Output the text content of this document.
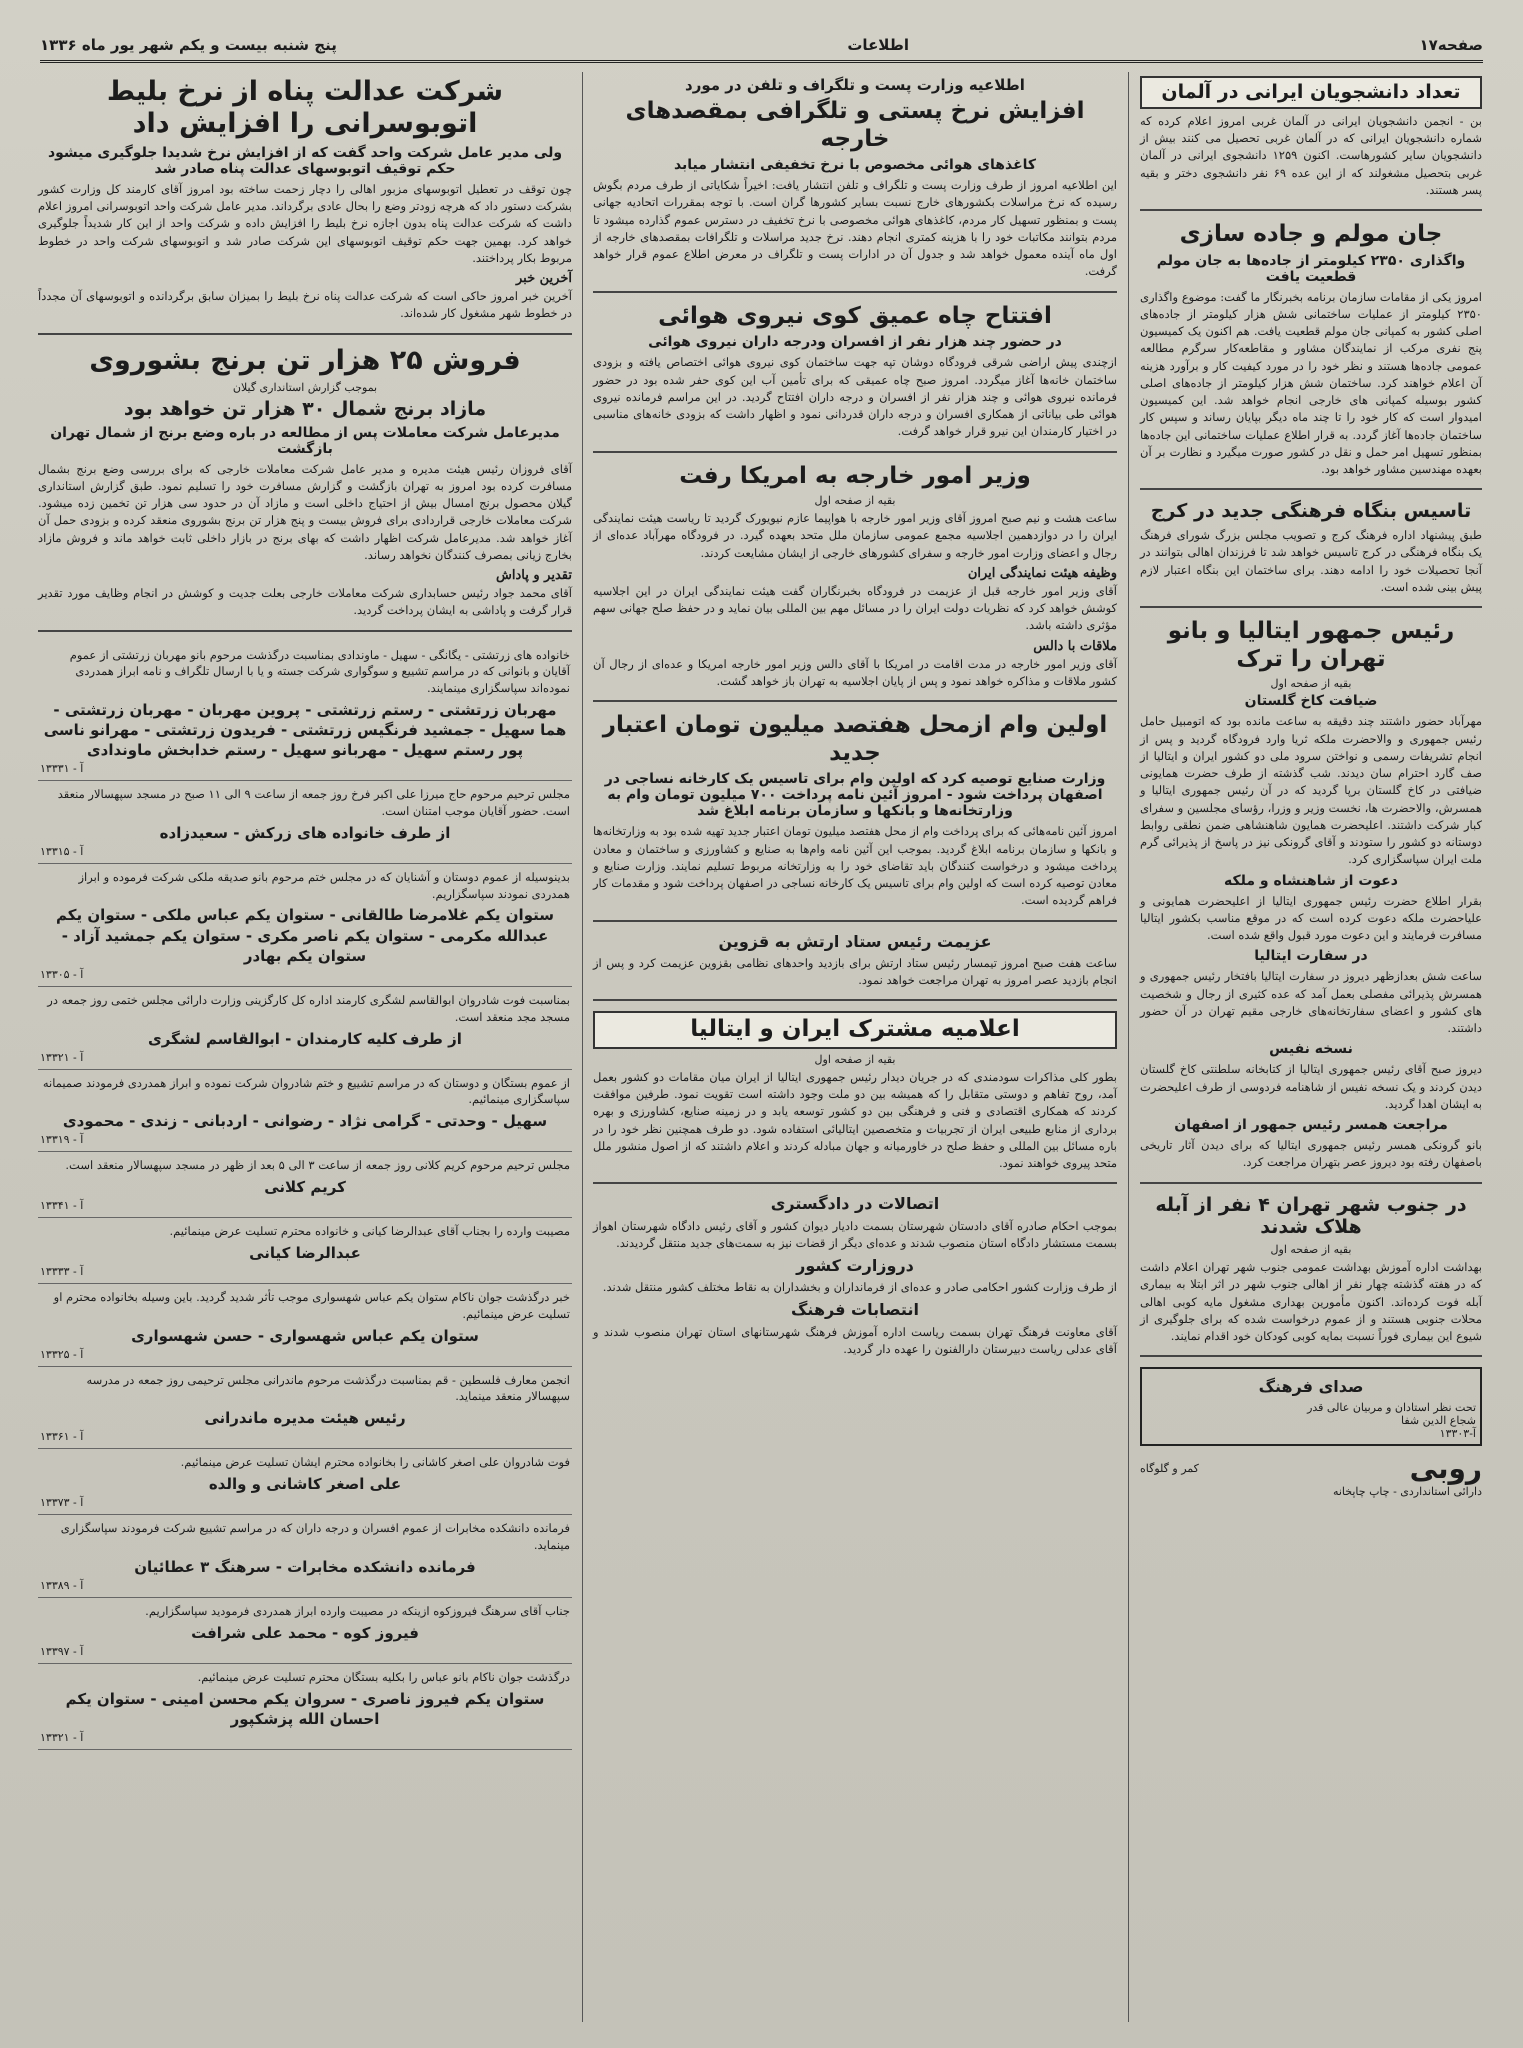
صفحه۱۷
اطلاعات
پنج شنبه بیست و یکم شهر یور ماه ۱۳۳۶
تعداد دانشجویان ایرانی در آلمان

بن - انجمن دانشجویان ایرانی در آلمان غربی امروز اعلام کرده که شماره دانشجویان ایرانی که در آلمان غربی تحصیل می کنند بیش از دانشجویان سایر کشورهاست. اکنون ۱۲۵۹ دانشجوی ایرانی در آلمان غربی بتحصیل مشغولند که از این عده ۶۹ نفر دانشجوی دختر و بقیه پسر هستند.

جان مولم و جاده سازی
واگذاری ۲۳۵۰ کیلومتر از جاده‌ها به جان مولم قطعیت یافت

امروز یکی از مقامات سازمان برنامه بخبرنگار ما گفت: موضوع واگذاری ۲۳۵۰ کیلومتر از عملیات ساختمانی شش هزار کیلومتر از جاده‌های اصلی کشور به کمپانی جان مولم قطعیت یافت. هم اکنون یک کمیسیون پنج نفری مرکب از نمایندگان مشاور و مقاطعه‌کار سرگرم مطالعه عمومی جاده‌ها هستند و نظر خود را در مورد کیفیت کار و برآورد هزینه آن اعلام خواهند کرد. ساختمان شش هزار کیلومتر از جاده‌های اصلی کشور بوسیله کمپانی های خارجی انجام خواهد شد. این کمیسیون امیدوار است که کار خود را تا چند ماه دیگر بپایان رساند و سپس کار ساختمان جاده‌ها آغاز گردد. به قرار اطلاع عملیات ساختمانی این جاده‌ها بمنظور تسهیل امر حمل و نقل در کشور صورت میگیرد و نظارت بر آن بعهده مهندسین مشاور خواهد بود.

تاسیس بنگاه فرهنگی جدید در کرج

طبق پیشنهاد اداره فرهنگ کرج و تصویب مجلس بزرگ شورای فرهنگ یک بنگاه فرهنگی در کرج تاسیس خواهد شد تا فرزندان اهالی بتوانند در آنجا تحصیلات خود را ادامه دهند. برای ساختمان این بنگاه اعتبار لازم پیش بینی شده است.

رئیس جمهور ایتالیا و بانو تهران را ترک
بقیه از صفحه اول
ضیافت کاخ گلستان

مهرآباد حضور داشتند چند دقیقه به ساعت مانده بود که اتومبیل حامل رئیس جمهوری و والاحضرت ملکه ثریا وارد فرودگاه گردید و پس از انجام تشریفات رسمی و نواختن سرود ملی دو کشور ایران و ایتالیا از صف گارد احترام سان دیدند. شب گذشته از طرف حضرت همایونی ضیافتی در کاخ گلستان برپا گردید که در آن رئیس جمهوری ایتالیا و همسرش، والاحضرت ها، نخست وزیر و وزرا، رؤسای مجلسین و سفرای کبار شرکت داشتند. اعلیحضرت همایون شاهنشاهی ضمن نطقی روابط دوستانه دو کشور را ستودند و آقای گرونکی نیز در پاسخ از پذیرائی گرم ملت ایران سپاسگزاری کرد.

دعوت از شاهنشاه و ملکه

بقرار اطلاع حضرت رئیس جمهوری ایتالیا از اعلیحضرت همایونی و علیاحضرت ملکه دعوت کرده است که در موقع مناسب بکشور ایتالیا مسافرت فرمایند و این دعوت مورد قبول واقع شده است.

در سفارت ایتالیا

ساعت شش بعدازظهر دیروز در سفارت ایتالیا بافتخار رئیس جمهوری و همسرش پذیرائی مفصلی بعمل آمد که عده کثیری از رجال و شخصیت های کشور و اعضای سفارتخانه‌های خارجی مقیم تهران در آن حضور داشتند.

نسخه نفیس

دیروز صبح آقای رئیس جمهوری ایتالیا از کتابخانه سلطنتی کاخ گلستان دیدن کردند و یک نسخه نفیس از شاهنامه فردوسی از طرف اعلیحضرت به ایشان اهدا گردید.

مراجعت همسر رئیس جمهور از اصفهان

بانو گرونکی همسر رئیس جمهوری ایتالیا که برای دیدن آثار تاریخی باصفهان رفته بود دیروز عصر بتهران مراجعت کرد.

در جنوب شهر تهران ۴ نفر از آبله هلاک شدند
بقیه از صفحه اول

بهداشت اداره آموزش بهداشت عمومی جنوب شهر تهران اعلام داشت که در هفته گذشته چهار نفر از اهالی جنوب شهر در اثر ابتلا به بیماری آبله فوت کرده‌اند. اکنون مأمورین بهداری مشغول مایه کوبی اهالی محلات جنوبی هستند و از عموم درخواست شده که برای جلوگیری از شیوع این بیماری فوراً نسبت بمایه کوبی کودکان خود اقدام نمایند.

صدای فرهنگ
تحت نظر استادان و مربیان عالی قدر
شجاع الدین شفا
آ-۱۳۳۰۳
روبی
کمر و گلوگاه
دارائی استانداردی - چاپ چاپخانه
اطلاعیه وزارت پست و تلگراف و تلفن در مورد
افزایش نرخ پستی و تلگرافی بمقصدهای خارجه
کاغذهای هوائی مخصوص با نرخ تخفیفی انتشار میابد

این اطلاعیه امروز از طرف وزارت پست و تلگراف و تلفن انتشار یافت: اخیراً شکایاتی از طرف مردم بگوش رسیده که نرخ مراسلات بکشورهای خارج نسبت بسایر کشورها گران است. با توجه بمقررات اتحادیه جهانی پست و بمنظور تسهیل کار مردم، کاغذهای هوائی مخصوصی با نرخ تخفیف در دسترس عموم گذارده میشود تا مردم بتوانند مکاتبات خود را با هزینه کمتری انجام دهند. نرخ جدید مراسلات و تلگرافات بمقصدهای خارجه از اول ماه آینده معمول خواهد شد و جدول آن در ادارات پست و تلگراف در معرض اطلاع عموم قرار خواهد گرفت.

افتتاح چاه عمیق کوی نیروی هوائی
در حضور چند هزار نفر از افسران ودرجه داران نیروی هوائی

ازچندی پیش اراضی شرقی فرودگاه دوشان تپه جهت ساختمان کوی نیروی هوائی اختصاص یافته و بزودی ساختمان خانه‌ها آغاز میگردد. امروز صبح چاه عمیقی که برای تأمین آب این کوی حفر شده بود در حضور فرمانده نیروی هوائی و چند هزار نفر از افسران و درجه داران افتتاح گردید. در این مراسم فرمانده نیروی هوائی طی بیاناتی از همکاری افسران و درجه داران قدردانی نمود و اظهار داشت که بزودی خانه‌های مناسبی در اختیار کارمندان این نیرو قرار خواهد گرفت.

وزیر امور خارجه به امریکا رفت
بقیه از صفحه اول

ساعت هشت و نیم صبح امروز آقای وزیر امور خارجه با هواپیما عازم نیویورک گردید تا ریاست هیئت نمایندگی ایران را در دوازدهمین اجلاسیه مجمع عمومی سازمان ملل متحد بعهده گیرد. در فرودگاه مهرآباد عده‌ای از رجال و اعضای وزارت امور خارجه و سفرای کشورهای خارجی از ایشان مشایعت کردند.

وظیفه هیئت نمایندگی ایران

آقای وزیر امور خارجه قبل از عزیمت در فرودگاه بخبرنگاران گفت هیئت نمایندگی ایران در این اجلاسیه کوشش خواهد کرد که نظریات دولت ایران را در مسائل مهم بین المللی بیان نماید و در حفظ صلح جهانی سهم مؤثری داشته باشد.

ملاقات با دالس

آقای وزیر امور خارجه در مدت اقامت در امریکا با آقای دالس وزیر امور خارجه امریکا و عده‌ای از رجال آن کشور ملاقات و مذاکره خواهد نمود و پس از پایان اجلاسیه به تهران باز خواهد گشت.

اولین وام ازمحل هفتصد میلیون تومان اعتبار جدید
وزارت صنایع توصیه کرد که اولین وام برای تاسیس یک کارخانه نساجی در اصفهان پرداخت شود - امروز آئین نامه پرداخت ۷۰۰ میلیون تومان وام به وزارتخانه‌ها و بانکها و سازمان برنامه ابلاغ شد

امروز آئین نامه‌هائی که برای پرداخت وام از محل هفتصد میلیون تومان اعتبار جدید تهیه شده بود به وزارتخانه‌ها و بانکها و سازمان برنامه ابلاغ گردید. بموجب این آئین نامه وام‌ها به صنایع و کشاورزی و ساختمان و معادن پرداخت میشود و درخواست کنندگان باید تقاضای خود را به وزارتخانه مربوط تسلیم نمایند. وزارت صنایع و معادن توصیه کرده است که اولین وام برای تاسیس یک کارخانه نساجی در اصفهان پرداخت شود و مقدمات کار فراهم گردیده است.

عزیمت رئیس ستاد ارتش به قزوین

ساعت هفت صبح امروز تیمسار رئیس ستاد ارتش برای بازدید واحدهای نظامی بقزوین عزیمت کرد و پس از انجام بازدید عصر امروز به تهران مراجعت خواهد نمود.

اعلامیه مشترک ایران و ایتالیا
بقیه از صفحه اول

بطور کلی مذاکرات سودمندی که در جریان دیدار رئیس جمهوری ایتالیا از ایران میان مقامات دو کشور بعمل آمد، روح تفاهم و دوستی متقابل را که همیشه بین دو ملت وجود داشته است تقویت نمود. طرفین موافقت کردند که همکاری اقتصادی و فنی و فرهنگی بین دو کشور توسعه یابد و در زمینه صنایع، کشاورزی و بهره برداری از منابع طبیعی ایران از تجربیات و متخصصین ایتالیائی استفاده شود. دو طرف همچنین نظر خود را در باره مسائل بین المللی و حفظ صلح در خاورمیانه و جهان مبادله کردند و اعلام داشتند که از اصول منشور ملل متحد پیروی خواهند نمود.

اتصالات در دادگستری

بموجب احکام صادره آقای دادستان شهرستان بسمت دادیار دیوان کشور و آقای رئیس دادگاه شهرستان اهواز بسمت مستشار دادگاه استان منصوب شدند و عده‌ای دیگر از قضات نیز به سمت‌های جدید منتقل گردیدند.

دروزارت کشور

از طرف وزارت کشور احکامی صادر و عده‌ای از فرمانداران و بخشداران به نقاط مختلف کشور منتقل شدند.

انتصابات فرهنگ

آقای معاونت فرهنگ تهران بسمت ریاست اداره آموزش فرهنگ شهرستانهای استان تهران منصوب شدند و آقای عدلی ریاست دبیرستان دارالفنون را عهده دار گردید.

شرکت عدالت پناه از نرخ بلیط اتوبوسرانی را افزایش داد
ولی مدیر عامل شرکت واحد گفت که از افزایش نرخ شدیدا جلوگیری میشود حکم توقیف اتوبوسهای عدالت پناه صادر شد

چون توقف در تعطیل اتوبوسهای مزبور اهالی را دچار زحمت ساخته بود امروز آقای کارمند کل وزارت کشور بشرکت دستور داد که هرچه زودتر وضع را بحال عادی برگرداند. مدیر عامل شرکت واحد اتوبوسرانی امروز اعلام داشت که شرکت عدالت پناه بدون اجازه نرخ بلیط را افزایش داده و شرکت واحد از این کار شدیداً جلوگیری خواهد کرد. بهمین جهت حکم توقیف اتوبوسهای این شرکت صادر شد و اتوبوسهای شرکت واحد در خطوط مربوط بکار پرداختند.

آخرین خبر

آخرین خبر امروز حاکی است که شرکت عدالت پناه نرخ بلیط را بمیزان سابق برگردانده و اتوبوسهای آن مجدداً در خطوط شهر مشغول کار شده‌اند.

فروش ۲۵ هزار تن برنج بشوروی
بموجب گزارش استانداری گیلان
مازاد برنج شمال ۳۰ هزار تن خواهد بود
مدیرعامل شرکت معاملات پس از مطالعه در باره وضع برنج از شمال تهران بازگشت

آقای فروزان رئیس هیئت مدیره و مدیر عامل شرکت معاملات خارجی که برای بررسی وضع برنج بشمال مسافرت کرده بود امروز به تهران بازگشت و گزارش مسافرت خود را تسلیم نمود. طبق گزارش استانداری گیلان محصول برنج امسال بیش از احتیاج داخلی است و مازاد آن در حدود سی هزار تن تخمین زده میشود. شرکت معاملات خارجی قراردادی برای فروش بیست و پنج هزار تن برنج بشوروی منعقد کرده و بزودی حمل آن آغاز خواهد شد. مدیرعامل شرکت اظهار داشت که بهای برنج در بازار داخلی ثابت خواهد ماند و فروش مازاد بخارج زیانی بمصرف کنندگان نخواهد رساند.

تقدیر و پاداش

آقای محمد جواد رئیس حسابداری شرکت معاملات خارجی بعلت جدیت و کوشش در انجام وظایف مورد تقدیر قرار گرفت و پاداشی به ایشان پرداخت گردید.

خانواده های زرتشتی - یگانگی - سهیل - ماوندادی بمناسبت درگذشت مرحوم بانو مهربان زرتشتی از عموم آقایان و بانوانی که در مراسم تشییع و سوگواری شرکت جسته و یا با ارسال تلگراف و نامه ابراز همدردی نموده‌اند سپاسگزاری مینمایند.

مهربان زرتشتی - رستم زرتشتی - پروین مهربان - مهربان زرتشتی - هما سهیل - جمشید فرنگیس زرتشتی - فریدون زرتشتی - مهرانو ناسی پور رستم سهیل - مهربانو سهیل - رستم خدابخش ماوندادی

آ - ۱۳۳۳۱

مجلس ترحیم مرحوم حاج میرزا علی اکبر فرخ روز جمعه از ساعت ۹ الی ۱۱ صبح در مسجد سپهسالار منعقد است. حضور آقایان موجب امتنان است.

از طرف خانواده های زرکش - سعیدزاده

آ - ۱۳۳۱۵

بدینوسیله از عموم دوستان و آشنایان که در مجلس ختم مرحوم بانو صدیقه ملکی شرکت فرموده و ابراز همدردی نمودند سپاسگزاریم.

ستوان یکم غلامرضا طالقانی - ستوان یکم عباس ملکی - ستوان یکم عبدالله مکرمی - ستوان یکم ناصر مکری - ستوان یکم جمشید آزاد - ستوان یکم بهادر

آ - ۱۳۳۰۵

بمناسبت فوت شادروان ابوالقاسم لشگری کارمند اداره کل کارگزینی وزارت دارائی مجلس ختمی روز جمعه در مسجد مجد منعقد است.

از طرف کلیه کارمندان - ابوالقاسم لشگری

آ - ۱۳۳۲۱

از عموم بستگان و دوستان که در مراسم تشییع و ختم شادروان شرکت نموده و ابراز همدردی فرمودند صمیمانه سپاسگزاری مینمائیم.

سهیل - وحدتی - گرامی نژاد - رضوانی - اردبانی - زندی - محمودی

آ - ۱۳۳۱۹

مجلس ترحیم مرحوم کریم کلانی روز جمعه از ساعت ۳ الی ۵ بعد از ظهر در مسجد سپهسالار منعقد است.

کریم کلانی

آ - ۱۳۳۴۱

مصیبت وارده را بجناب آقای عبدالرضا کیانی و خانواده محترم تسلیت عرض مینمائیم.

عبدالرضا کیانی

آ - ۱۳۳۳۳

خبر درگذشت جوان ناکام ستوان یکم عباس شهسواری موجب تأثر شدید گردید. باین وسیله بخانواده محترم او تسلیت عرض مینمائیم.

ستوان یکم عباس شهسواری - حسن شهسواری

آ - ۱۳۳۲۵

انجمن معارف فلسطین - قم بمناسبت درگذشت مرحوم ماندرانی مجلس ترحیمی روز جمعه در مدرسه سپهسالار منعقد مینماید.

رئیس هیئت مدیره ماندرانی

آ - ۱۳۳۶۱

فوت شادروان علی اصغر کاشانی را بخانواده محترم ایشان تسلیت عرض مینمائیم.

علی اصغر کاشانی و والده

آ - ۱۳۳۷۳

فرمانده دانشکده مخابرات از عموم افسران و درجه داران که در مراسم تشییع شرکت فرمودند سپاسگزاری مینماید.

فرمانده دانشکده مخابرات - سرهنگ ۳ عطائیان

آ - ۱۳۳۸۹

جناب آقای سرهنگ فیروزکوه ازینکه در مصیبت وارده ابراز همدردی فرمودید سپاسگزاریم.

فیروز کوه - محمد علی شرافت

آ - ۱۳۳۹۷

درگذشت جوان ناکام بانو عباس را بکلیه بستگان محترم تسلیت عرض مینمائیم.

ستوان یکم فیروز ناصری - سروان یکم محسن امینی - ستوان یکم احسان الله پزشکپور

آ - ۱۳۳۲۱
